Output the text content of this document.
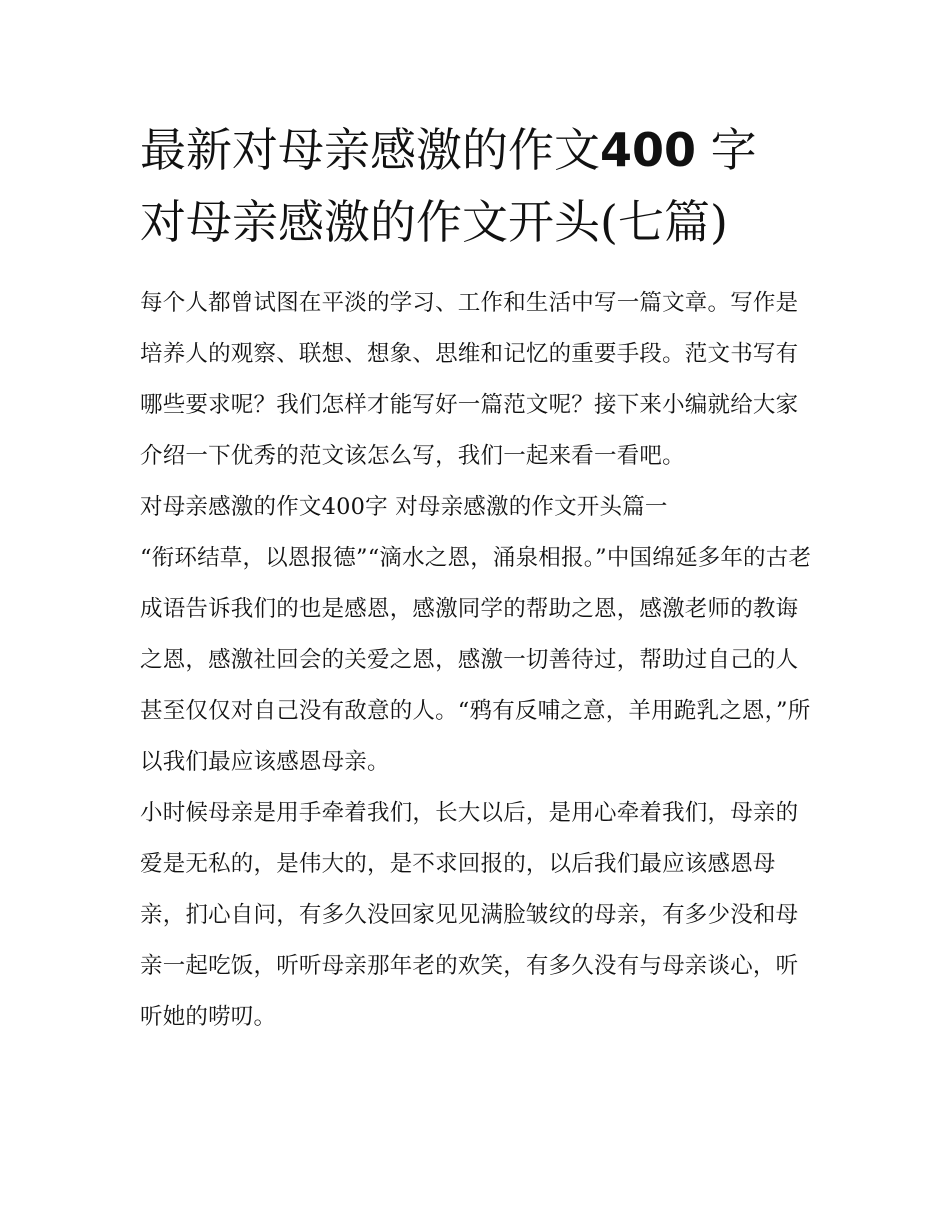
最新对母亲感激的作文400 字
对母亲感激的作文开头(七篇)

每个人都曾试图在平淡的学习、工作和生活中写一篇文章。写作是培养人的观察、联想、想象、思维和记忆的重要手段。范文书写有哪些要求呢？我们怎样才能写好一篇范文呢？接下来小编就给大家介绍一下优秀的范文该怎么写，我们一起来看一看吧。

对母亲感激的作文400字 对母亲感激的作文开头篇一

“衔环结草，以恩报德”“滴水之恩，涌泉相报。”中国绵延多年的古老成语告诉我们的也是感恩，感激同学的帮助之恩，感激老师的教诲之恩，感激社回会的关爱之恩，感激一切善待过，帮助过自己的人甚至仅仅对自己没有敌意的人。“鸦有反哺之意，羊用跪乳之恩，”所以我们最应该感恩母亲。

小时候母亲是用手牵着我们，长大以后，是用心牵着我们，母亲的爱是无私的，是伟大的，是不求回报的，以后我们最应该感恩母亲，扪心自问，有多久没回家见见满脸皱纹的母亲，有多少没和母亲一起吃饭，听听母亲那年老的欢笑，有多久没有与母亲谈心，听听她的唠叨。
